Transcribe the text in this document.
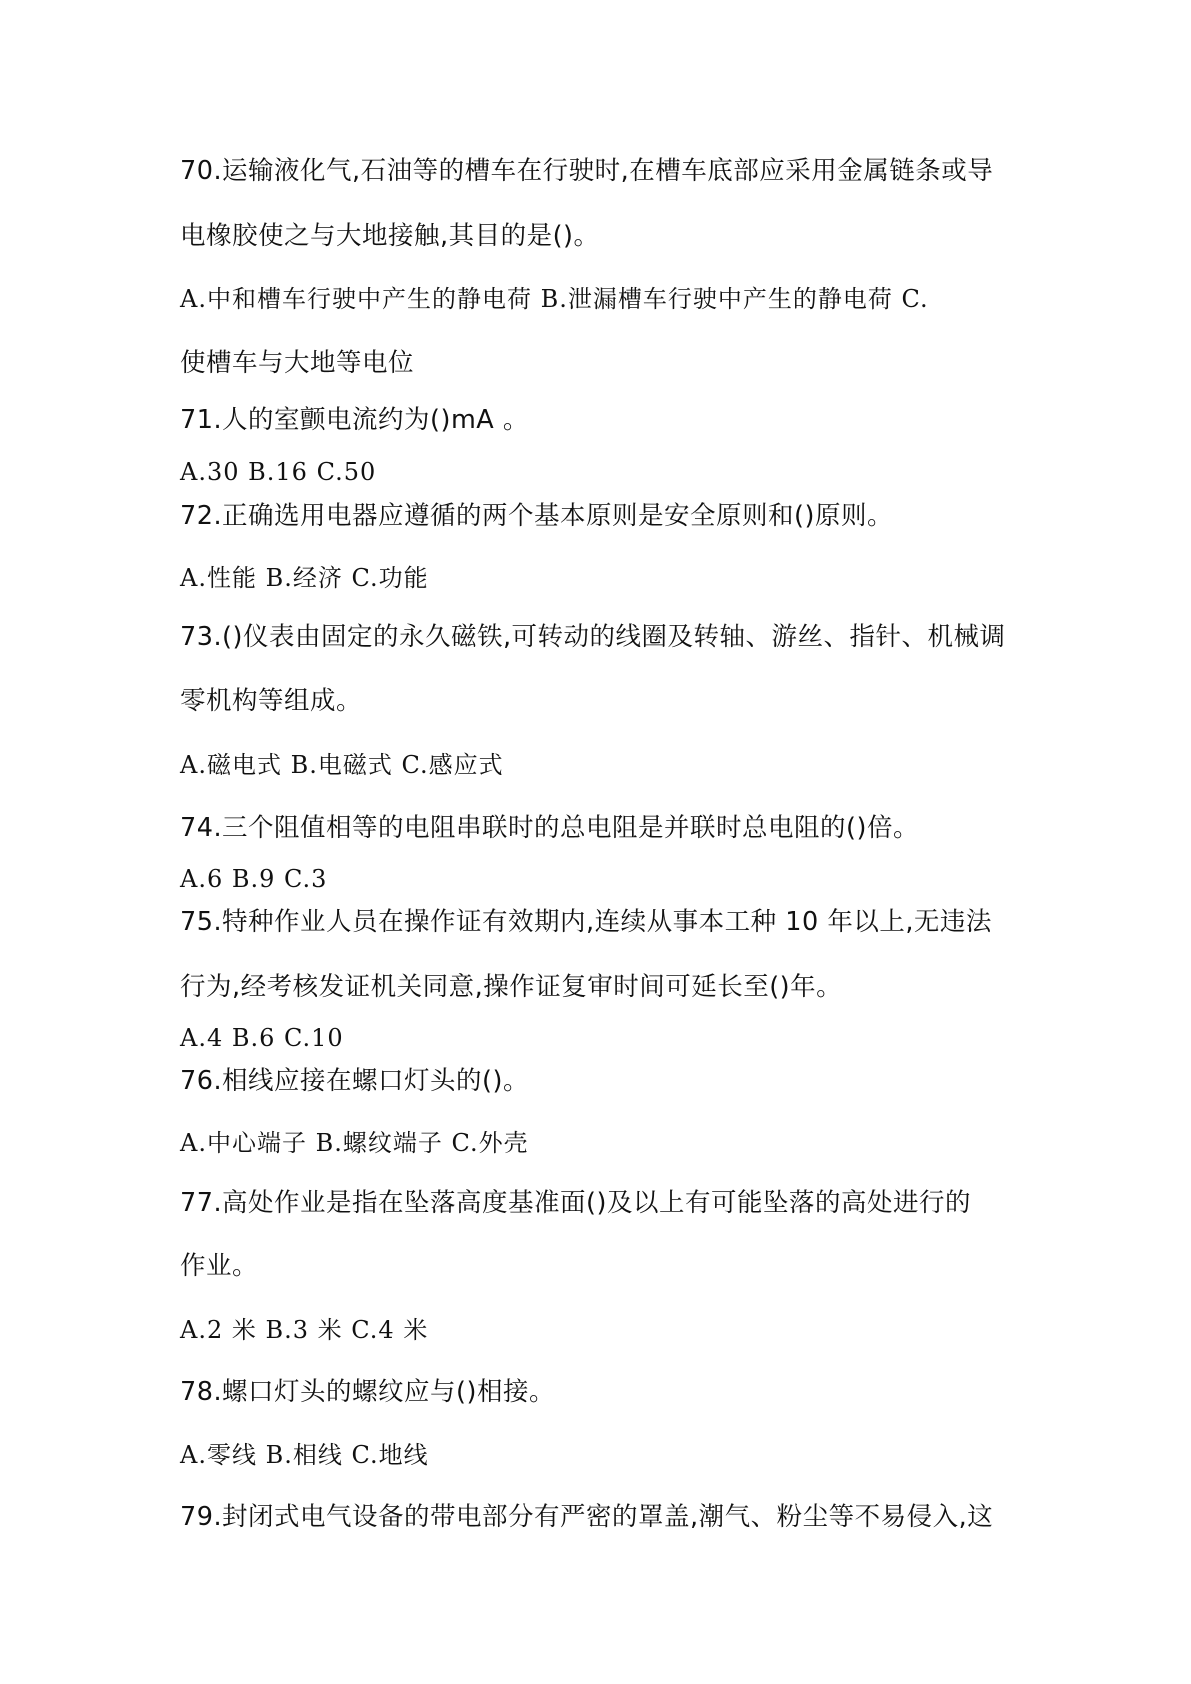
70.运输液化气,石油等的槽车在行驶时,在槽车底部应采用金属链条或导
电橡胶使之与大地接触,其目的是()。
A.中和槽车行驶中产生的静电荷 B.泄漏槽车行驶中产生的静电荷 C.
使槽车与大地等电位
71.人的室颤电流约为()mA 。
A.30 B.16 C.50
72.正确选用电器应遵循的两个基本原则是安全原则和()原则。
A.性能 B.经济 C.功能
73.()仪表由固定的永久磁铁,可转动的线圈及转轴、游丝、指针、机械调
零机构等组成。
A.磁电式 B.电磁式 C.感应式
74.三个阻值相等的电阻串联时的总电阻是并联时总电阻的()倍。
A.6 B.9 C.3
75.特种作业人员在操作证有效期内,连续从事本工种 10 年以上,无违法
行为,经考核发证机关同意,操作证复审时间可延长至()年。
A.4 B.6 C.10
76.相线应接在螺口灯头的()。
A.中心端子 B.螺纹端子 C.外壳
77.高处作业是指在坠落高度基准面()及以上有可能坠落的高处进行的
作业。
A.2 米 B.3 米 C.4 米
78.螺口灯头的螺纹应与()相接。
A.零线 B.相线 C.地线
79.封闭式电气设备的带电部分有严密的罩盖,潮气、粉尘等不易侵入,这
